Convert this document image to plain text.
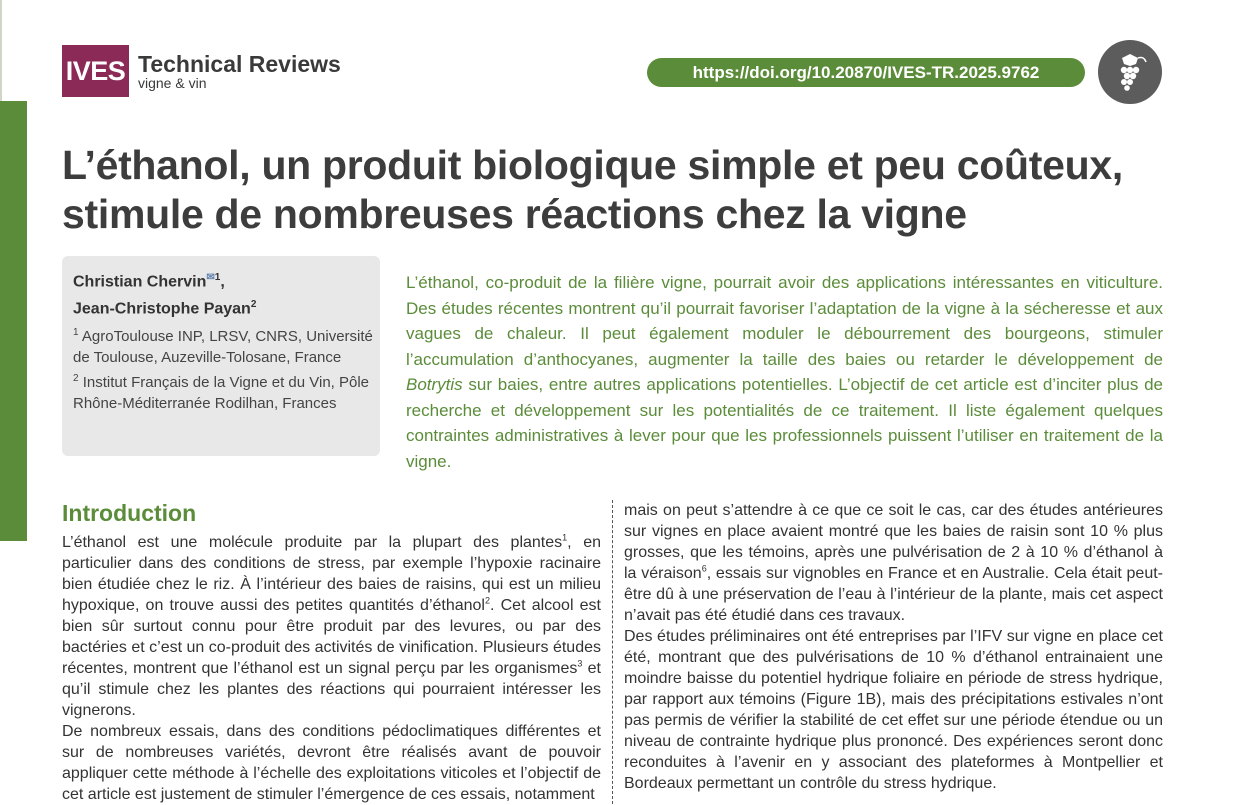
IVES Technical Reviews
vigne & vin
https://doi.org/10.20870/IVES-TR.2025.9762
L’éthanol, un produit biologique simple et peu coûteux, stimule de nombreuses réactions chez la vigne
Christian Chervin✉$^1$,
Jean-Christophe Payan$^2$
$^1$ AgroToulouse INP, LRSV, CNRS, Université de Toulouse, Auzeville-Tolosane, France
$^2$ Institut Français de la Vigne et du Vin, Pôle Rhône-Méditerranée Rodilhan, Frances

L’éthanol, co-produit de la filière vigne, pourrait avoir des applications intéressantes en viticulture. Des études récentes montrent qu’il pourrait favoriser l’adaptation de la vigne à la sécheresse et aux vagues de chaleur. Il peut également moduler le débourrement des bourgeons, stimuler l’accumulation d’anthocyanes, augmenter la taille des baies ou retarder le développement de Botrytis sur baies, entre autres applications potentielles. L’objectif de cet article est d’inciter plus de recherche et développement sur les potentialités de ce traitement. Il liste également quelques contraintes administratives à lever pour que les professionnels puissent l’utiliser en traitement de la vigne.

Introduction

L’éthanol est une molécule produite par la plupart des plantes$^1$, en particulier dans des conditions de stress, par exemple l’hypoxie racinaire bien étudiée chez le riz. À l’intérieur des baies de raisins, qui est un milieu hypoxique, on trouve aussi des petites quantités d’éthanol$^2$. Cet alcool est bien sûr surtout connu pour être produit par des levures, ou par des bactéries et c’est un co-produit des activités de vinification. Plusieurs études récentes, montrent que l’éthanol est un signal perçu par les organismes$^3$ et qu’il stimule chez les plantes des réactions qui pourraient intéresser les vignerons.

De nombreux essais, dans des conditions pédoclimatiques différentes et sur de nombreuses variétés, devront être réalisés avant de pouvoir appliquer cette méthode à l’échelle des exploitations viticoles et l’objectif de cet article est justement de stimuler l’émergence de ces essais, notamment

mais on peut s’attendre à ce que ce soit le cas, car des études antérieures sur vignes en place avaient montré que les baies de raisin sont 10 % plus grosses, que les témoins, après une pulvérisation de 2 à 10 % d’éthanol à la véraison$^6$, essais sur vignobles en France et en Australie. Cela était peut-être dû à une préservation de l’eau à l’intérieur de la plante, mais cet aspect n’avait pas été étudié dans ces travaux.

Des études préliminaires ont été entreprises par l’IFV sur vigne en place cet été, montrant que des pulvérisations de 10 % d’éthanol entrainaient une moindre baisse du potentiel hydrique foliaire en période de stress hydrique, par rapport aux témoins (Figure 1B), mais des précipitations estivales n’ont pas permis de vérifier la stabilité de cet effet sur une période étendue ou un niveau de contrainte hydrique plus prononcé. Des expériences seront donc reconduites à l’avenir en y associant des plateformes à Montpellier et Bordeaux permettant un contrôle du stress hydrique.
